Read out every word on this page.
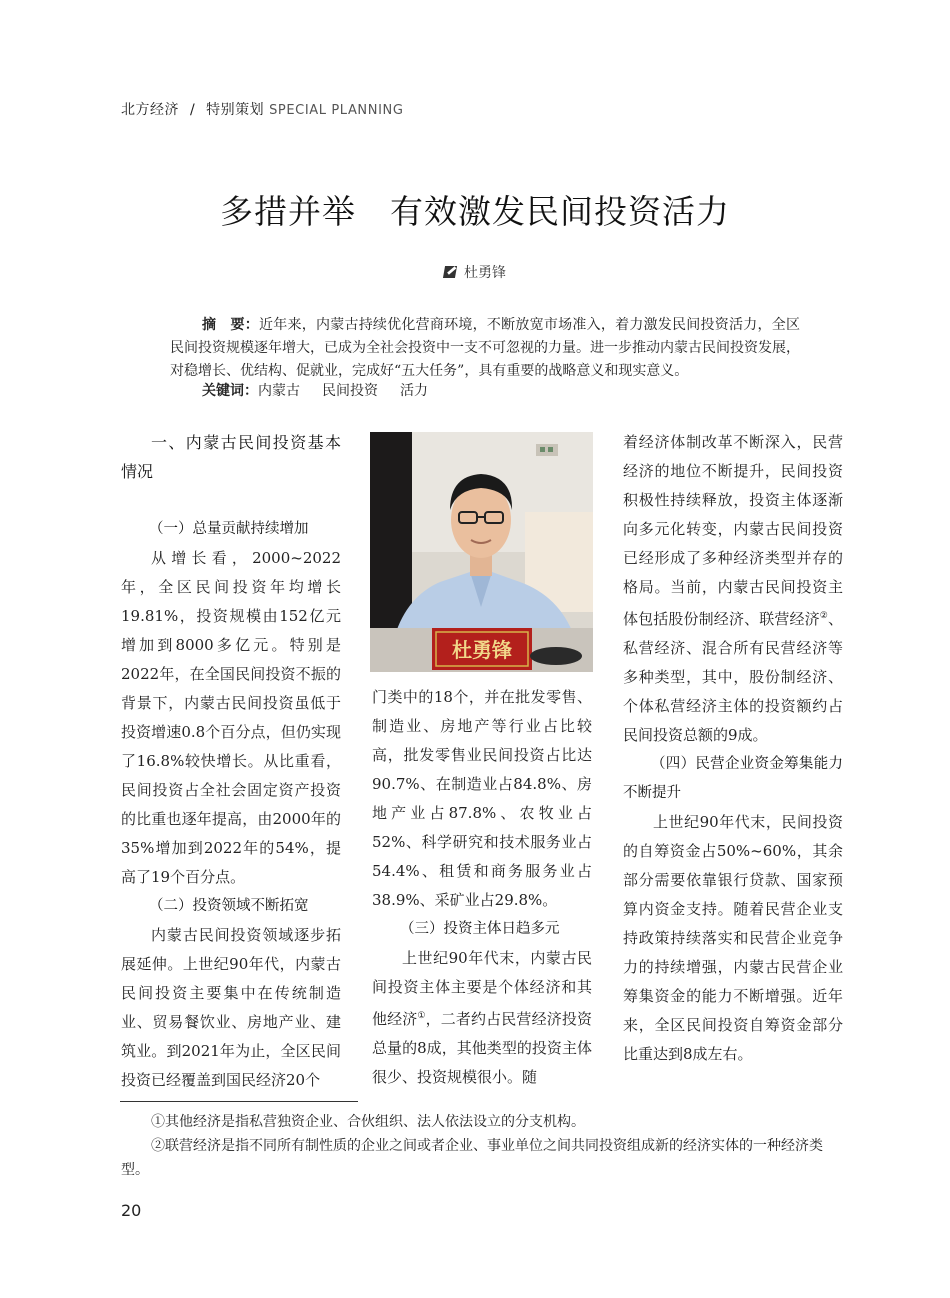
北方经济 / 特别策划 SPECIAL PLANNING
多措并举　有效激发民间投资活力
杜勇锋
摘　要：近年来，内蒙古持续优化营商环境，不断放宽市场准入，着力激发民间投资活力，全区民间投资规模逐年增大，已成为全社会投资中一支不可忽视的力量。进一步推动内蒙古民间投资发展，对稳增长、优结构、促就业，完成好“五大任务”，具有重要的战略意义和现实意义。
关键词：内蒙古 民间投资 活力
一、内蒙古民间投资基本情况
（一）总量贡献持续增加

从增长看，2000~2022年，全区民间投资年均增长19.81%，投资规模由152亿元增加到8000多亿元。特别是2022年，在全国民间投资不振的背景下，内蒙古民间投资虽低于投资增速0.8个百分点，但仍实现了16.8%较快增长。从比重看，民间投资占全社会固定资产投资的比重也逐年提高，由2000年的35%增加到2022年的54%，提高了19个百分点。

（二）投资领域不断拓宽

内蒙古民间投资领域逐步拓展延伸。上世纪90年代，内蒙古民间投资主要集中在传统制造业、贸易餐饮业、房地产业、建筑业。到2021年为止，全区民间投资已经覆盖到国民经济20个

杜勇锋

门类中的18个，并在批发零售、制造业、房地产等行业占比较高，批发零售业民间投资占比达90.7%、在制造业占84.8%、房地产业占87.8%、农牧业占52%、科学研究和技术服务业占54.4%、租赁和商务服务业占38.9%、采矿业占29.8%。

（三）投资主体日趋多元

上世纪90年代末，内蒙古民间投资主体主要是个体经济和其他经济①，二者约占民营经济投资总量的8成，其他类型的投资主体很少、投资规模很小。随

着经济体制改革不断深入，民营经济的地位不断提升，民间投资积极性持续释放，投资主体逐渐向多元化转变，内蒙古民间投资已经形成了多种经济类型并存的格局。当前，内蒙古民间投资主体包括股份制经济、联营经济②、私营经济、混合所有民营经济等多种类型，其中，股份制经济、个体私营经济主体的投资额约占民间投资总额的9成。

（四）民营企业资金筹集能力不断提升

上世纪90年代末，民间投资的自筹资金占50%~60%，其余部分需要依靠银行贷款、国家预算内资金支持。随着民营企业支持政策持续落实和民营企业竞争力的持续增强，内蒙古民营企业筹集资金的能力不断增强。近年来，全区民间投资自筹资金部分比重达到8成左右。

①其他经济是指私营独资企业、合伙组织、法人依法设立的分支机构。
②联营经济是指不同所有制性质的企业之间或者企业、事业单位之间共同投资组成新的经济实体的一种经济类型。
20
